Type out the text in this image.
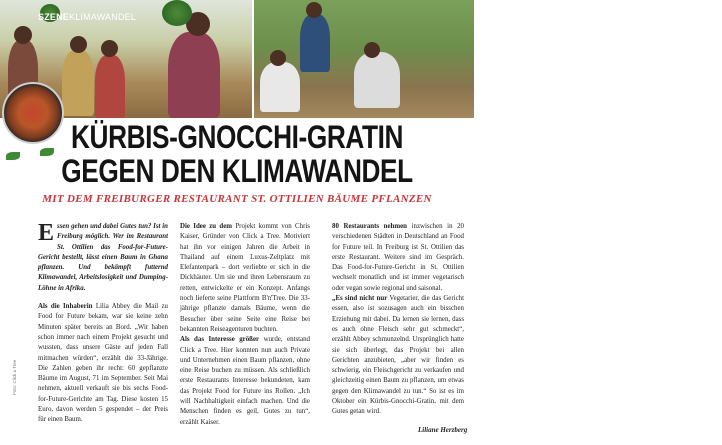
SZENEKLIMAWANDEL
Solidarität: Mit der Spende aus St. Ottilien wurden in Ghana Bäume gepflanzt
KÜRBIS-GNOCCHI-GRATIN
GEGEN DEN KLIMAWANDEL
MIT DEM FREIBURGER RESTAURANT ST. OTTILIEN BÄUME PFLANZEN

Essen gehen und dabei Gutes tun? Ist in Freiburg möglich. Wer im Restaurant St. Ottilien das Food-for-Future-Gericht bestellt, lässt einen Baum in Ghana pflanzen. Und bekämpft futternd Klimawandel, Arbeitslosigkeit und Dumping-Löhne in Afrika.

Als die Inhaberin Lilia Abbey die Mail zu Food for Future bekam, war sie keine zehn Minuten später bereits an Bord. „Wir haben schon immer nach einem Projekt gesucht und wussten, dass unsere Gäste auf jeden Fall mitmachen würden“, erzählt die 33-Jährige. Die Zahlen geben ihr recht: 60 gepflanzte Bäume im August, 71 im September. Seit Mai nehmen, aktuell verkauft sie bis sechs Food-for-Future-Gerichte am Tag. Diese kosten 15 Euro, davon werden 5 gespendet – der Preis für einen Baum.

Die Idee zu dem Projekt kommt von Chris Kaiser, Gründer von Click a Tree. Motiviert hat ihn vor einigen Jahren die Arbeit in Thailand auf einem Luxus-Zeltplatz mit Elefantenpark – dort verliebte er sich in die Dickhäuter. Um sie und ihren Lebensraum zu retten, entwickelte er ein Konzept. Anfangs noch lieferte seine Plattform B'n'Tree. Die 33-jährige pflanzte damals Bäume, wenn die Besucher über seine Seite eine Reise bei bekannten Reiseagenturen buchten.

Als das Interesse größer wurde, entstand Click a Tree. Hier konnten nun auch Private und Unternehmen einen Baum pflanzen, ohne eine Reise buchen zu müssen. Als schließlich erste Restaurants Interesse bekundeten, kam das Projekt Food for Future ins Rollen. „Ich will Nachhaltigkeit einfach machen. Und die Menschen finden es geil, Gutes zu tun“, erzählt Kaiser.

80 Restaurants nehmen inzwischen in 20 verschiedenen Städten in Deutschland an Food for Future teil. In Freiburg ist St. Ottilien das erste Restaurant. Weitere sind im Gespräch. Das Food-for-Future-Gericht in St. Ottilien wechselt monatlich und ist immer vegetarisch oder vegan sowie regional und saisonal.

„Es sind nicht nur Vegetarier, die das Gericht essen, also ist sozusagen auch ein bisschen Erziehung mit dabei. Da lernen sie lernen, dass es auch ohne Fleisch sehr gut schmeckt“, erzählt Abbey schmunzelnd. Ursprünglich hatte sie sich überlegt, das Projekt bei allen Gerichten anzubieten, „aber wir finden es schwierig, ein Fleischgericht zu verkaufen und gleichzeitig einen Baum zu pflanzen, um etwas gegen den Klimawandel zu tun.“ So ist es im Oktober ein Kürbis-Gnocchi-Gratin, mit dem Gutes getan wird.

Liliane Herzberg
Foto: Click a Tree
